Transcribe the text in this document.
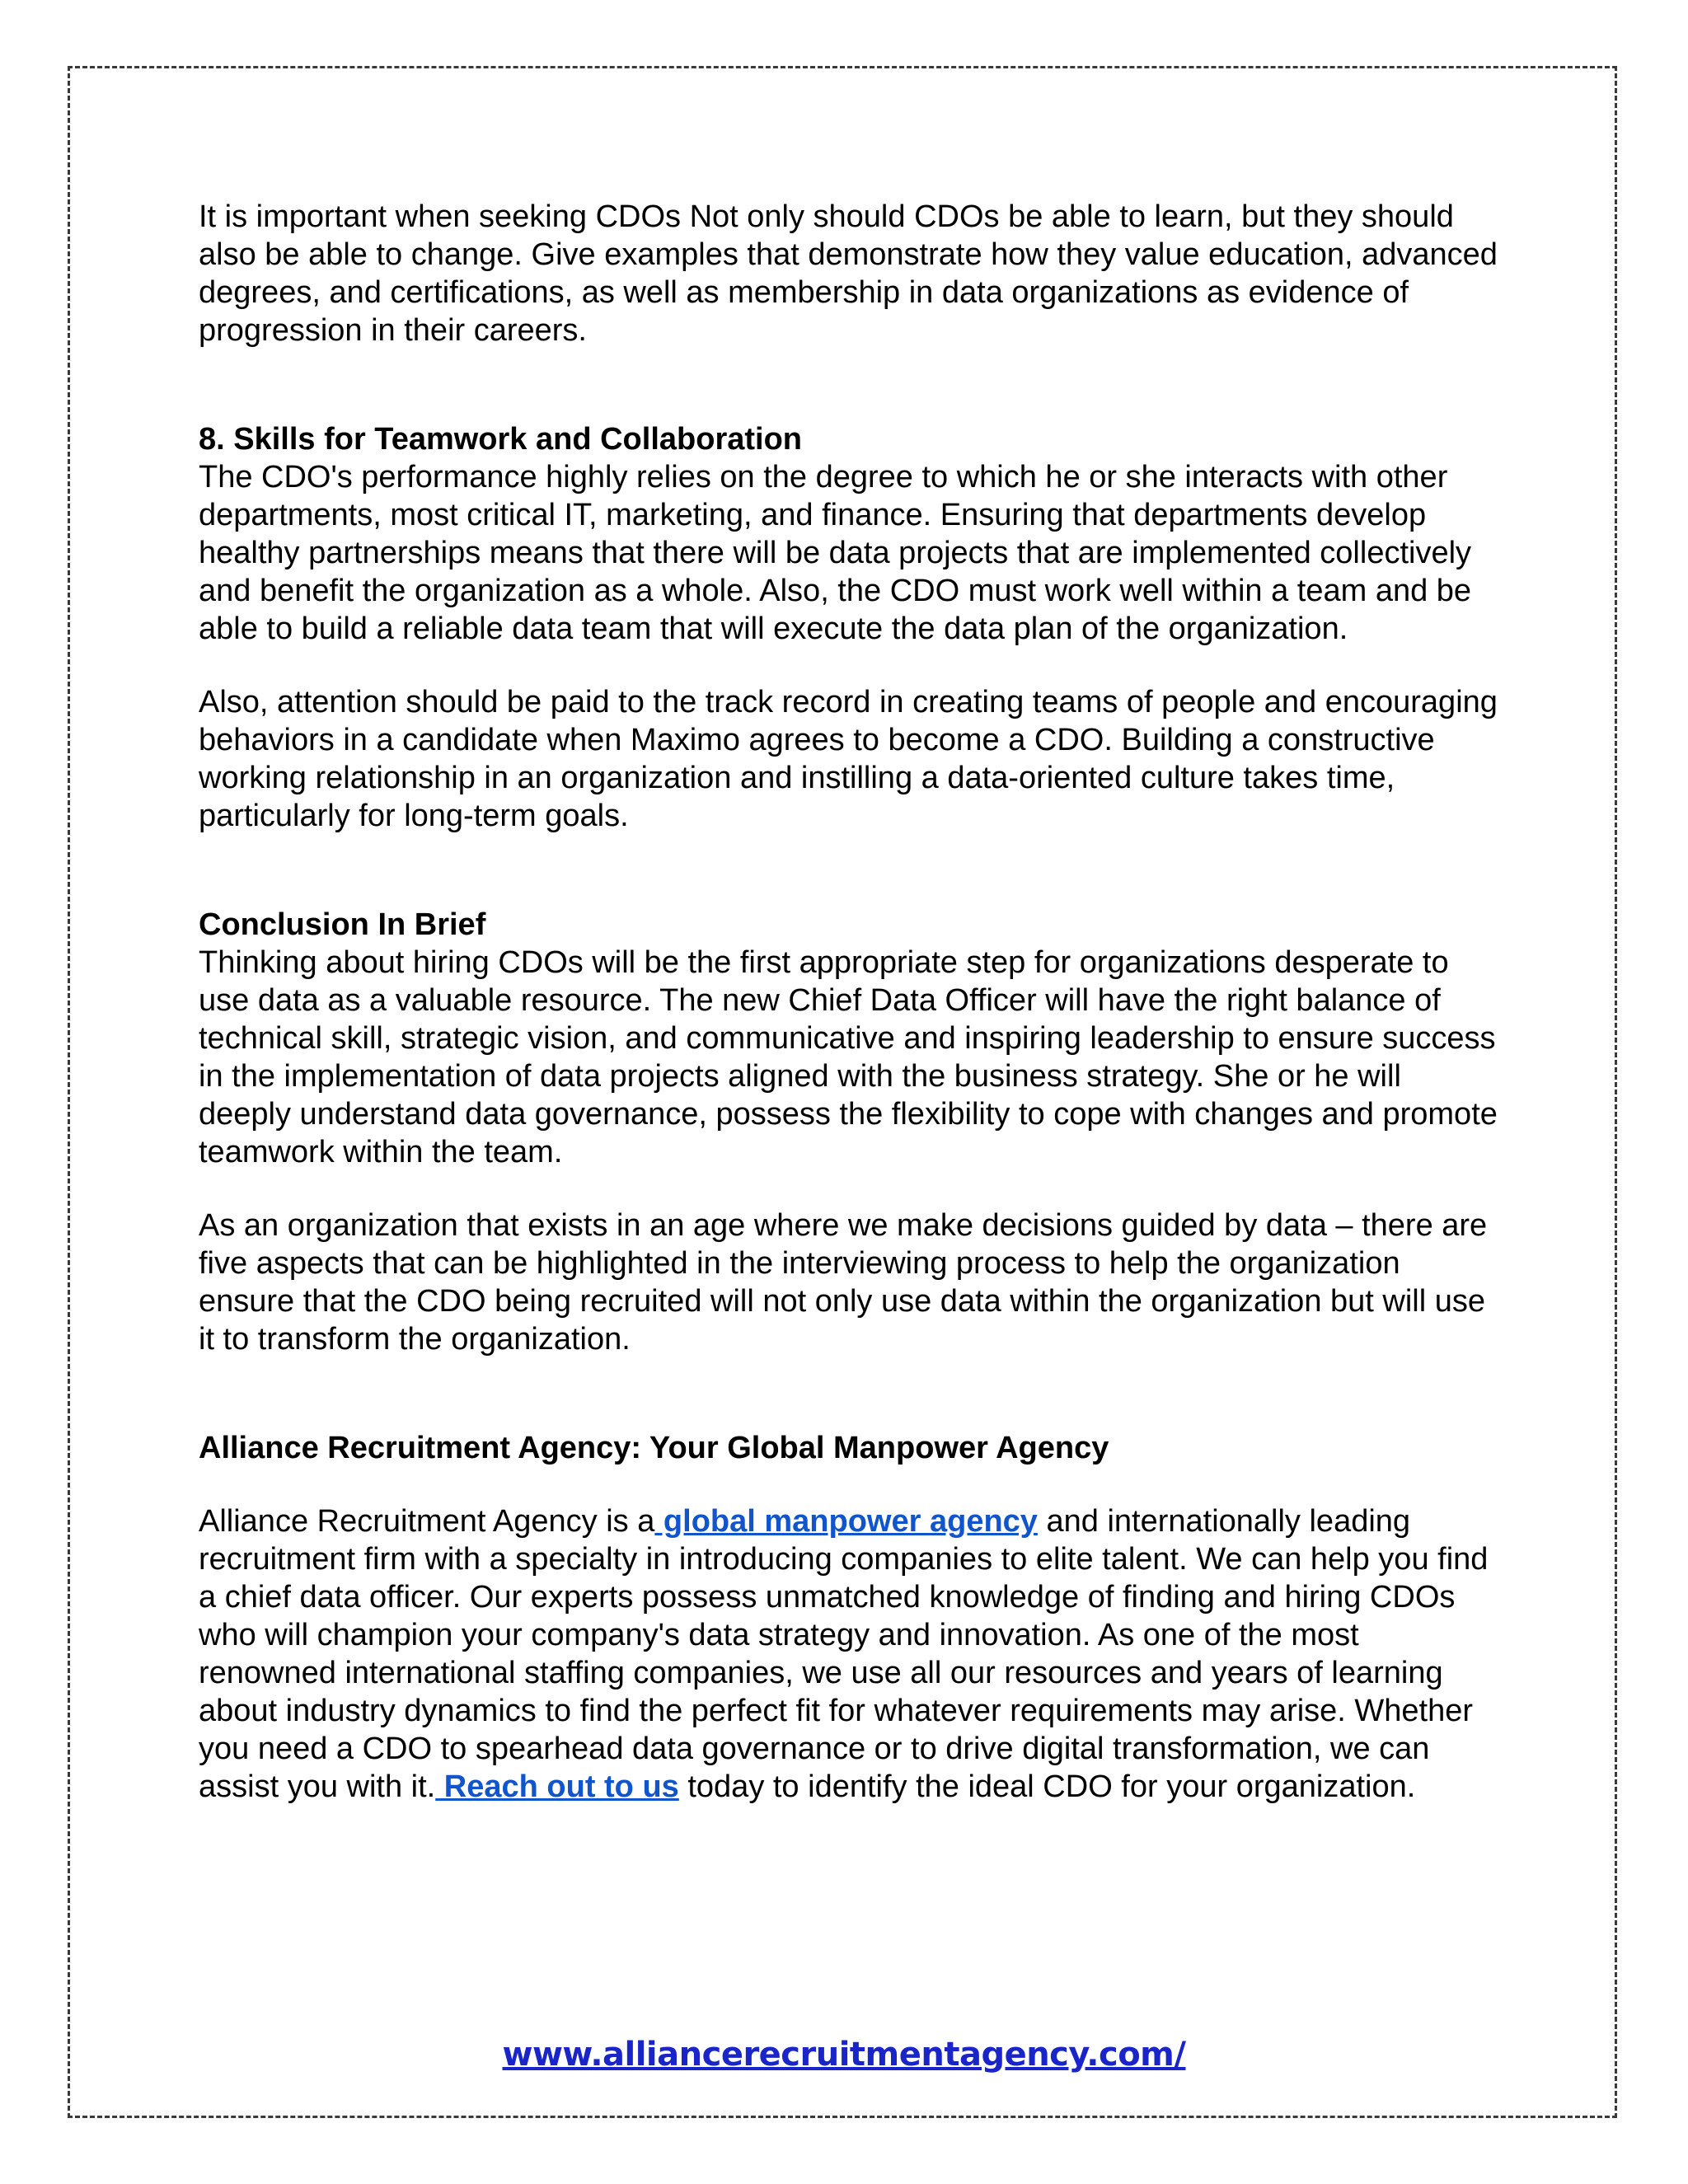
It is important when seeking CDOs Not only should CDOs be able to learn, but they should also be able to change. Give examples that demonstrate how they value education, advanced degrees, and certifications, as well as membership in data organizations as evidence of progression in their careers.

8. Skills for Teamwork and Collaboration

The CDO's performance highly relies on the degree to which he or she interacts with other departments, most critical IT, marketing, and finance. Ensuring that departments develop healthy partnerships means that there will be data projects that are implemented collectively and benefit the organization as a whole. Also, the CDO must work well within a team and be able to build a reliable data team that will execute the data plan of the organization.

Also, attention should be paid to the track record in creating teams of people and encouraging behaviors in a candidate when Maximo agrees to become a CDO. Building a constructive working relationship in an organization and instilling a data-oriented culture takes time, particularly for long-term goals.

Conclusion In Brief

Thinking about hiring CDOs will be the first appropriate step for organizations desperate to use data as a valuable resource. The new Chief Data Officer will have the right balance of technical skill, strategic vision, and communicative and inspiring leadership to ensure success in the implementation of data projects aligned with the business strategy. She or he will deeply understand data governance, possess the flexibility to cope with changes and promote teamwork within the team.

As an organization that exists in an age where we make decisions guided by data – there are five aspects that can be highlighted in the interviewing process to help the organization ensure that the CDO being recruited will not only use data within the organization but will use it to transform the organization.

Alliance Recruitment Agency: Your Global Manpower Agency

Alliance Recruitment Agency is a global manpower agency and internationally leading recruitment firm with a specialty in introducing companies to elite talent. We can help you find a chief data officer. Our experts possess unmatched knowledge of finding and hiring CDOs who will champion your company's data strategy and innovation. As one of the most renowned international staffing companies, we use all our resources and years of learning about industry dynamics to find the perfect fit for whatever requirements may arise. Whether you need a CDO to spearhead data governance or to drive digital transformation, we can assist you with it. Reach out to us today to identify the ideal CDO for your organization.

www.alliancerecruitmentagency.com/
